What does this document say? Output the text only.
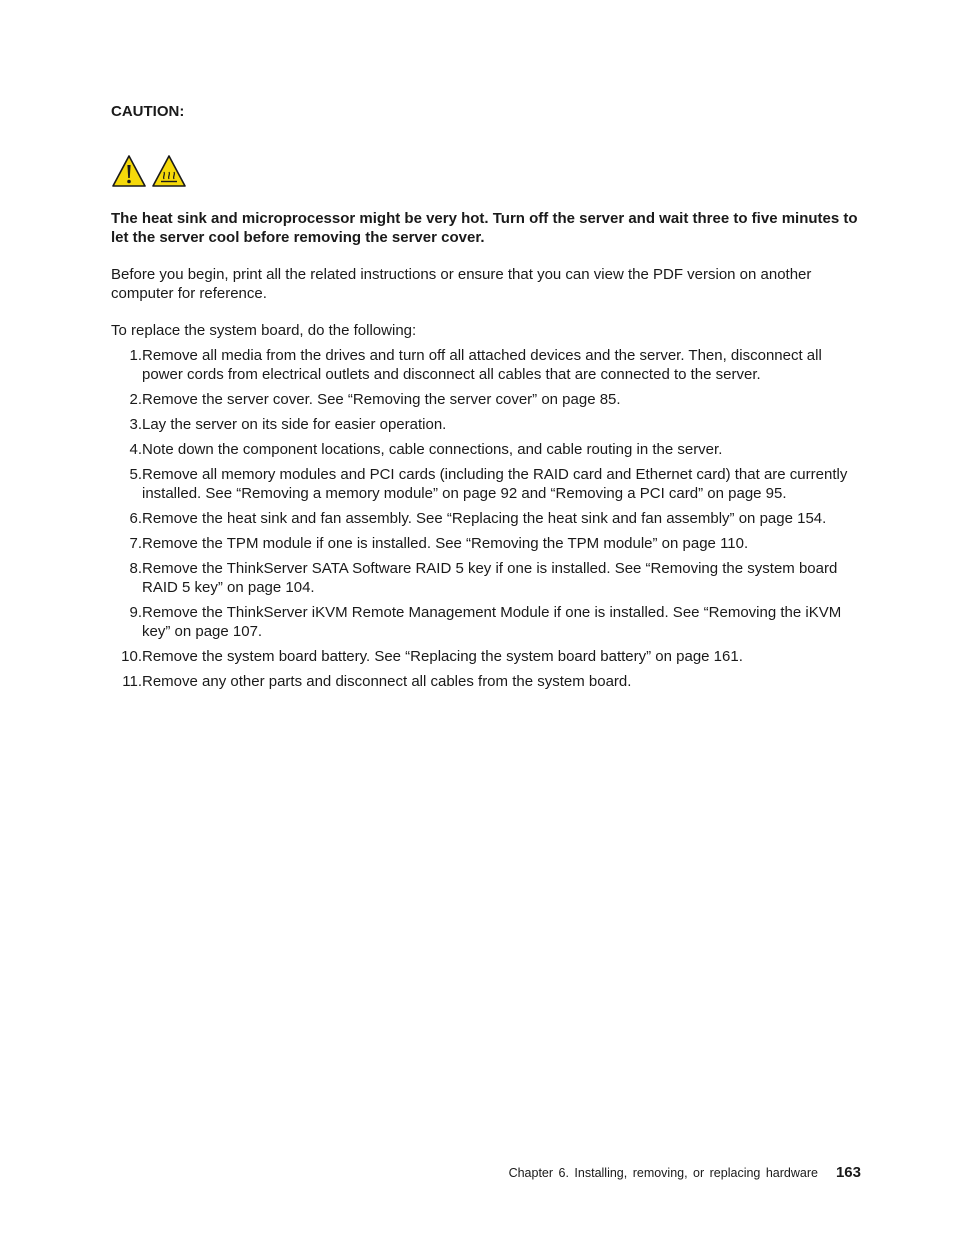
CAUTION:
The heat sink and microprocessor might be very hot. Turn off the server and wait three to five minutes to let the server cool before removing the server cover.
Before you begin, print all the related instructions or ensure that you can view the PDF version on another computer for reference.
To replace the system board, do the following:
1. Remove all media from the drives and turn off all attached devices and the server. Then, disconnect all power cords from electrical outlets and disconnect all cables that are connected to the server.
2. Remove the server cover. See “Removing the server cover” on page 85.
3. Lay the server on its side for easier operation.
4. Note down the component locations, cable connections, and cable routing in the server.
5. Remove all memory modules and PCI cards (including the RAID card and Ethernet card) that are currently installed. See “Removing a memory module” on page 92 and “Removing a PCI card” on page 95.
6. Remove the heat sink and fan assembly. See “Replacing the heat sink and fan assembly” on page 154.
7. Remove the TPM module if one is installed. See “Removing the TPM module” on page 110.
8. Remove the ThinkServer SATA Software RAID 5 key if one is installed. See “Removing the system board RAID 5 key” on page 104.
9. Remove the ThinkServer iKVM Remote Management Module if one is installed. See “Removing the iKVM key” on page 107.
10. Remove the system board battery. See “Replacing the system board battery” on page 161.
11. Remove any other parts and disconnect all cables from the system board.
Chapter 6. Installing, removing, or replacing hardware 163
